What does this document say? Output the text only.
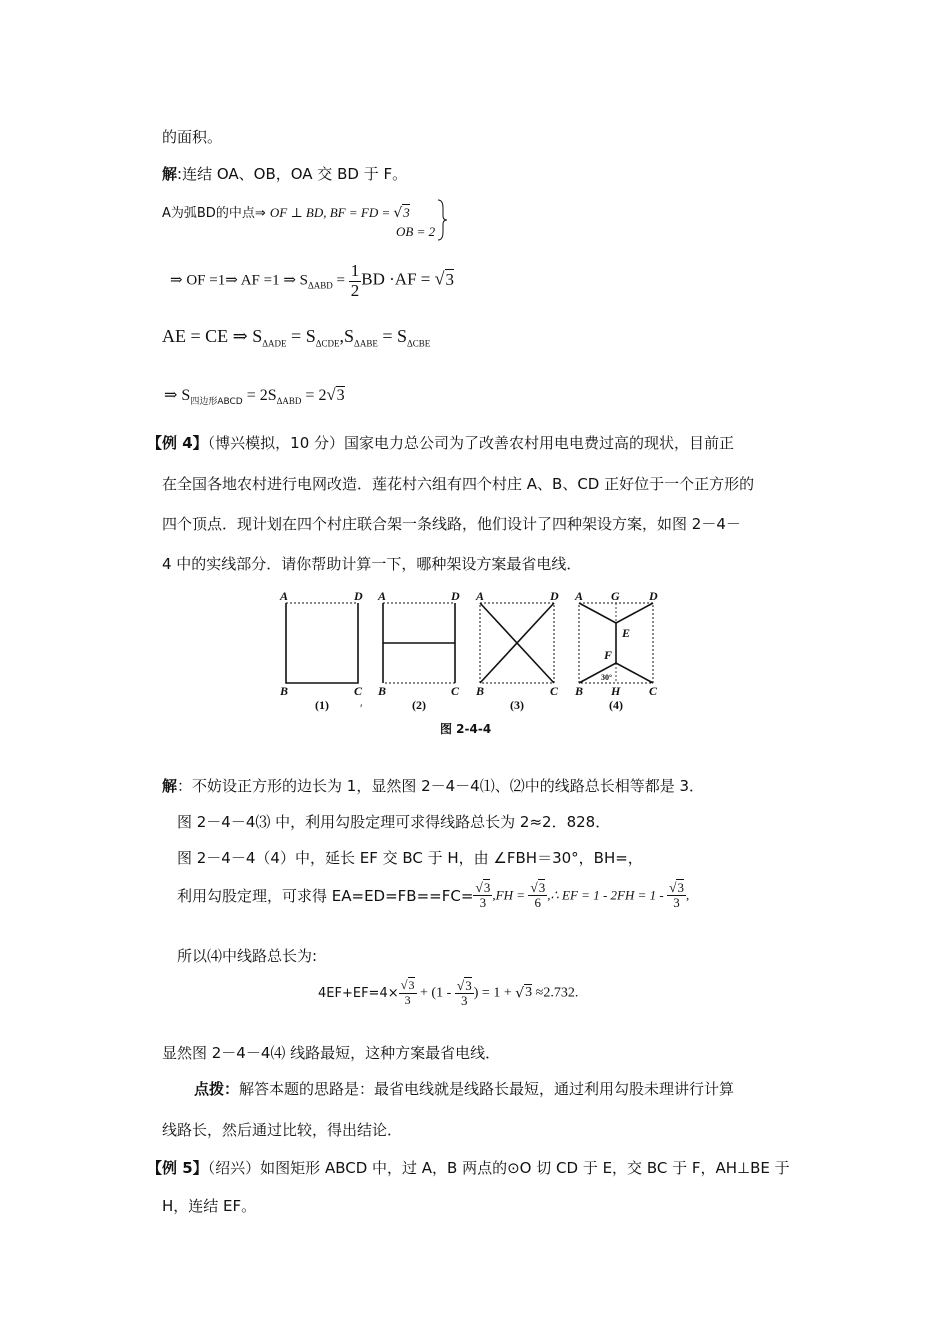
的面积。
解:连结 OA、OB，OA 交 BD 于 F。
A为弧BD的中点⇒ OF ⊥ BD, BF = FD = √3
OB = 2
⇒ OF =1⇒ AF =1 ⇒ $S_{\Delta ABD} = \frac{1}{2}$ BD ·AF = √3
AE = CE ⇒ $S_{\Delta ADE} = S_{\Delta CDE},S_{\Delta ABE} = S_{\Delta CBE}$
⇒ $S_{四边形ABCD} = 2S_{\Delta ABD} = 2√3$
【例 4】（博兴模拟，10 分）国家电力总公司为了改善农村用电电费过高的现状，目前正
在全国各地农村进行电网改造．莲花村六组有四个村庄 A、B、CD 正好位于一个正方形的
四个顶点．现计划在四个村庄联合架一条线路，他们设计了四种架设方案，如图 2－4－
4 中的实线部分．请你帮助计算一下，哪种架设方案最省电线．
A	D
B	C
(1)
A	D
B	C
(2)
A	D
B	C
(3)
A G D
E
F
30°
B H C
(4)
′
图 2-4-4
解：不妨设正方形的边长为 1，显然图 2－4－4⑴、⑵中的线路总长相等都是 3．
图 2－4－4⑶ 中，利用勾股定理可求得线路总长为 2≈2．828．
图 2－4－4（4）中，延长 EF 交 BC 于 H，由 ∠FBH＝30°，BH=，
利用勾股定理，可求得 $EA=ED=FB==FC= \frac{√3}{3} ,FH = \frac{√3}{6}$ ,∴ EF = $1 - 2FH = 1 - \frac{√3}{3}$ ,
所以⑷中线路总长为:
$4EF+EF=4\times \frac{√3}{3} + (1 - \frac{√3}{3}$ ) = 1 + √3 ≈2.732.
显然图 2－4－4⑷ 线路最短，这种方案最省电线．
点拨：解答本题的思路是：最省电线就是线路长最短，通过利用勾股未理讲行计算
线路长，然后通过比较，得出结论．
【例 5】（绍兴）如图矩形 ABCD 中，过 A，B 两点的⊙O 切 CD 于 E，交 BC 于 F，AH⊥BE 于
H，连结 EF。
